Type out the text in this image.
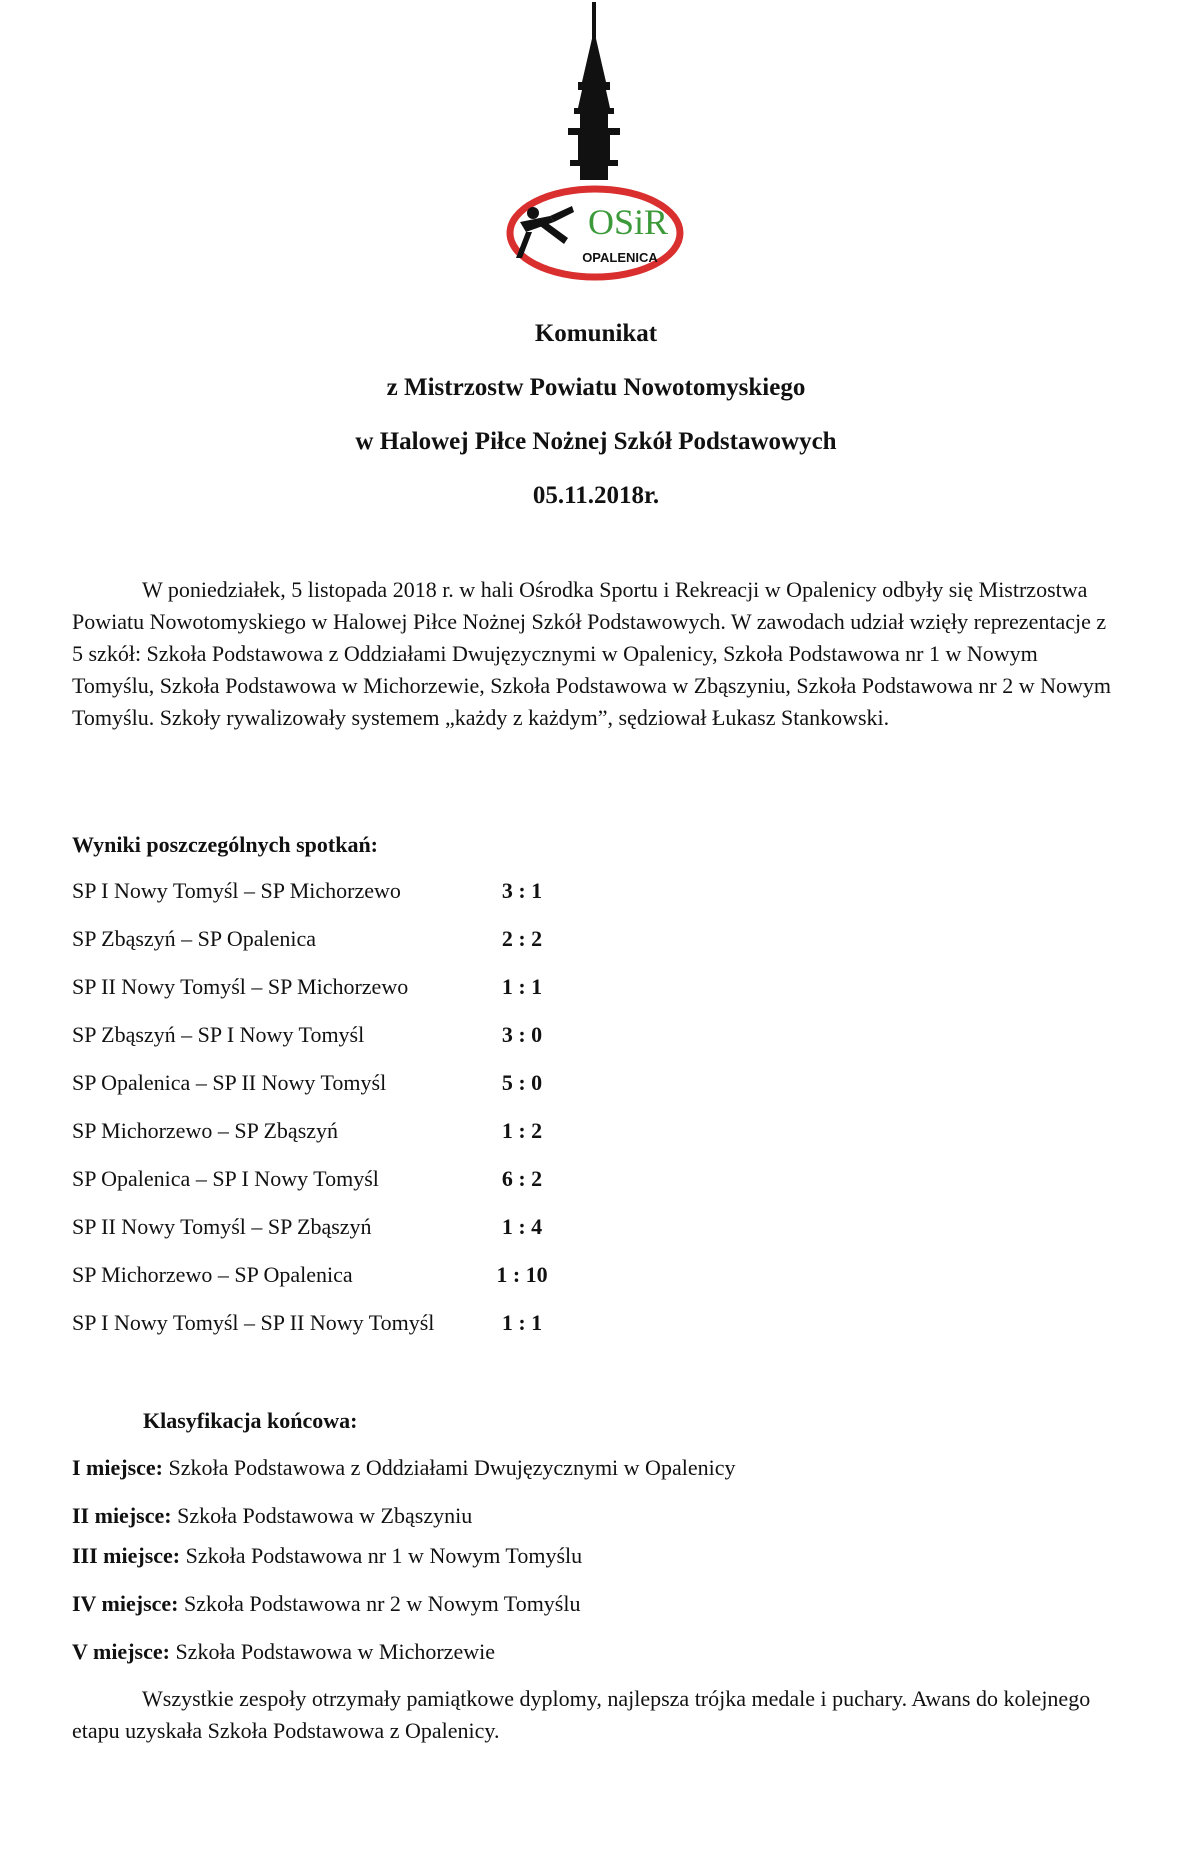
OSiR
OPALENICA
Komunikat
z Mistrzostw Powiatu Nowotomyskiego
w Halowej Piłce Nożnej Szkół Podstawowych
05.11.2018r.

W poniedziałek, 5 listopada 2018 r. w hali Ośrodka Sportu i Rekreacji w Opalenicy odbyły się Mistrzostwa Powiatu Nowotomyskiego w Halowej Piłce Nożnej Szkół Podstawowych. W zawodach udział wzięły reprezentacje z 5 szkół: Szkoła Podstawowa z Oddziałami Dwujęzycznymi w Opalenicy, Szkoła Podstawowa nr 1 w Nowym Tomyślu, Szkoła Podstawowa w Michorzewie, Szkoła Podstawowa w Zbąszyniu, Szkoła Podstawowa nr 2 w Nowym Tomyślu. Szkoły rywalizowały systemem „każdy z każdym”, sędziował Łukasz Stankowski.

Wyniki poszczególnych spotkań:
SP I Nowy Tomyśl – SP Michorzewo	3 : 1
SP Zbąszyń – SP Opalenica	2 : 2
SP II Nowy Tomyśl – SP Michorzewo	1 : 1
SP Zbąszyń – SP I Nowy Tomyśl	3 : 0
SP Opalenica – SP II Nowy Tomyśl	5 : 0
SP Michorzewo – SP Zbąszyń	1 : 2
SP Opalenica – SP I Nowy Tomyśl	6 : 2
SP II Nowy Tomyśl – SP Zbąszyń	1 : 4
SP Michorzewo – SP Opalenica	1 : 10
SP I Nowy Tomyśl – SP II Nowy Tomyśl	1 : 1
Klasyfikacja końcowa:
I miejsce: Szkoła Podstawowa z Oddziałami Dwujęzycznymi w Opalenicy
II miejsce: Szkoła Podstawowa w Zbąszyniu
III miejsce: Szkoła Podstawowa nr 1 w Nowym Tomyślu
IV miejsce: Szkoła Podstawowa nr 2 w Nowym Tomyślu
V miejsce: Szkoła Podstawowa w Michorzewie

Wszystkie zespoły otrzymały pamiątkowe dyplomy, najlepsza trójka medale i puchary. Awans do kolejnego etapu uzyskała Szkoła Podstawowa z Opalenicy.
